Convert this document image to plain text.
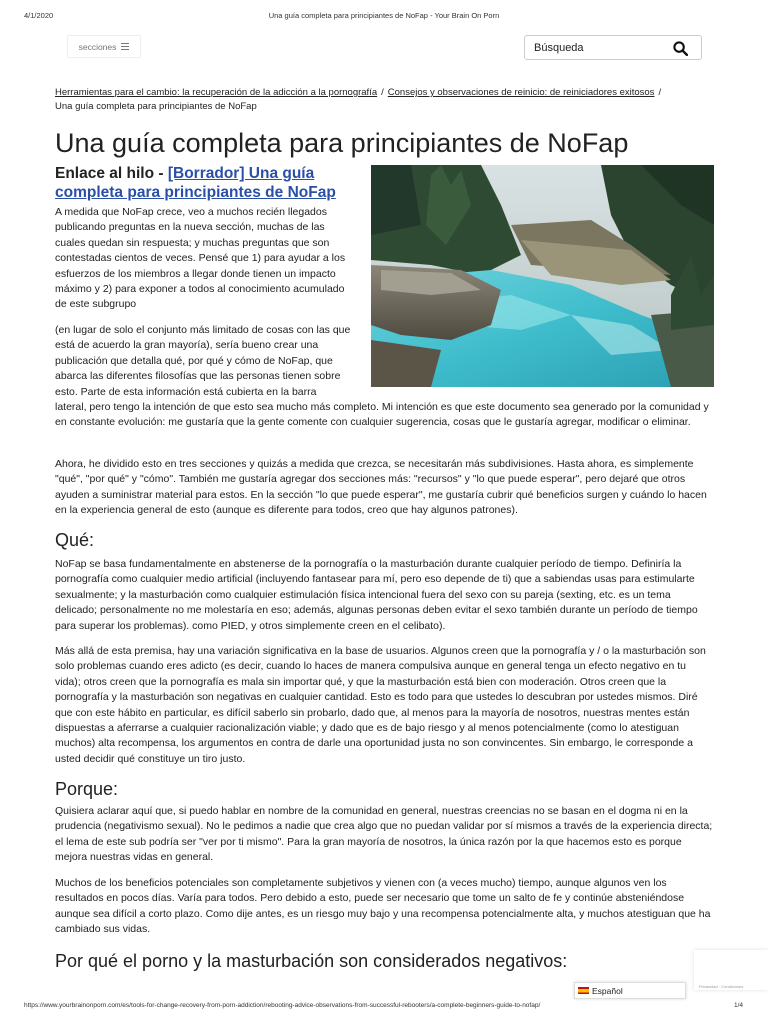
4/1/2020	Una guía completa para principiantes de NoFap - Your Brain On Porn
secciones
Búsqueda
Herramientas para el cambio: la recuperación de la adicción a la pornografía / Consejos y observaciones de reinicio: de reiniciadores exitosos /
Una guía completa para principiantes de NoFap
Una guía completa para principiantes de NoFap
Enlace al hilo - [Borrador] Una guía completa para principiantes de NoFap

A medida que NoFap crece, veo a muchos recién llegados publicando preguntas en la nueva sección, muchas de las cuales quedan sin respuesta; y muchas preguntas que son contestadas cientos de veces. Pensé que 1) para ayudar a los esfuerzos de los miembros a llegar donde tienen un impacto máximo y 2) para exponer a todos al conocimiento acumulado de este subgrupo

(en lugar de solo el conjunto más limitado de cosas con las que está de acuerdo la gran mayoría), sería bueno crear una publicación que detalla qué, por qué y cómo de NoFap, que abarca las diferentes filosofías que las personas tienen sobre esto. Parte de esta información está cubierta en la barra

lateral, pero tengo la intención de que esto sea mucho más completo. Mi intención es que este documento sea generado por la comunidad y en constante evolución: me gustaría que la gente comente con cualquier sugerencia, cosas que le gustaría agregar, modificar o eliminar.

Ahora, he dividido esto en tres secciones y quizás a medida que crezca, se necesitarán más subdivisiones. Hasta ahora, es simplemente "qué", "por qué" y "cómo". También me gustaría agregar dos secciones más: "recursos" y "lo que puede esperar", pero dejaré que otros ayuden a suministrar material para estos. En la sección "lo que puede esperar", me gustaría cubrir qué beneficios surgen y cuándo lo hacen en la experiencia general de esto (aunque es diferente para todos, creo que hay algunos patrones).

Qué:

NoFap se basa fundamentalmente en abstenerse de la pornografía o la masturbación durante cualquier período de tiempo. Definiría la pornografía como cualquier medio artificial (incluyendo fantasear para mí, pero eso depende de ti) que a sabiendas usas para estimularte sexualmente; y la masturbación como cualquier estimulación física intencional fuera del sexo con su pareja (sexting, etc. es un tema delicado; personalmente no me molestaría en eso; además, algunas personas deben evitar el sexo también durante un período de tiempo para superar los problemas). como PIED, y otros simplemente creen en el celibato).

Más allá de esta premisa, hay una variación significativa en la base de usuarios. Algunos creen que la pornografía y / o la masturbación son solo problemas cuando eres adicto (es decir, cuando lo haces de manera compulsiva aunque en general tenga un efecto negativo en tu vida); otros creen que la pornografía es mala sin importar qué, y que la masturbación está bien con moderación. Otros creen que la pornografía y la masturbación son negativas en cualquier cantidad. Esto es todo para que ustedes lo descubran por ustedes mismos. Diré que con este hábito en particular, es difícil saberlo sin probarlo, dado que, al menos para la mayoría de nosotros, nuestras mentes están dispuestas a aferrarse a cualquier racionalización viable; y dado que es de bajo riesgo y al menos potencialmente (como lo atestiguan muchos) alta recompensa, los argumentos en contra de darle una oportunidad justa no son convincentes. Sin embargo, le corresponde a usted decidir qué constituye un tiro justo.

Porque:

Quisiera aclarar aquí que, si puedo hablar en nombre de la comunidad en general, nuestras creencias no se basan en el dogma ni en la prudencia (negativismo sexual). No le pedimos a nadie que crea algo que no puedan validar por sí mismos a través de la experiencia directa; el lema de este sub podría ser "ver por ti mismo". Para la gran mayoría de nosotros, la única razón por la que hacemos esto es porque mejora nuestras vidas en general.

Muchos de los beneficios potenciales son completamente subjetivos y vienen con (a veces mucho) tiempo, aunque algunos ven los resultados en pocos días. Varía para todos. Pero debido a esto, puede ser necesario que tome un salto de fe y continúe absteniéndose aunque sea difícil a corto plazo. Como dije antes, es un riesgo muy bajo y una recompensa potencialmente alta, y muchos atestiguan que ha cambiado sus vidas.

Por qué el porno y la masturbación son considerados negativos:
Privacidad · Condiciones
Español
https://www.yourbrainonporn.com/es/tools-for-change-recovery-from-porn-addiction/rebooting-advice-observations-from-successful-rebooters/a-complete-beginners-guide-to-nofap/	1/4
